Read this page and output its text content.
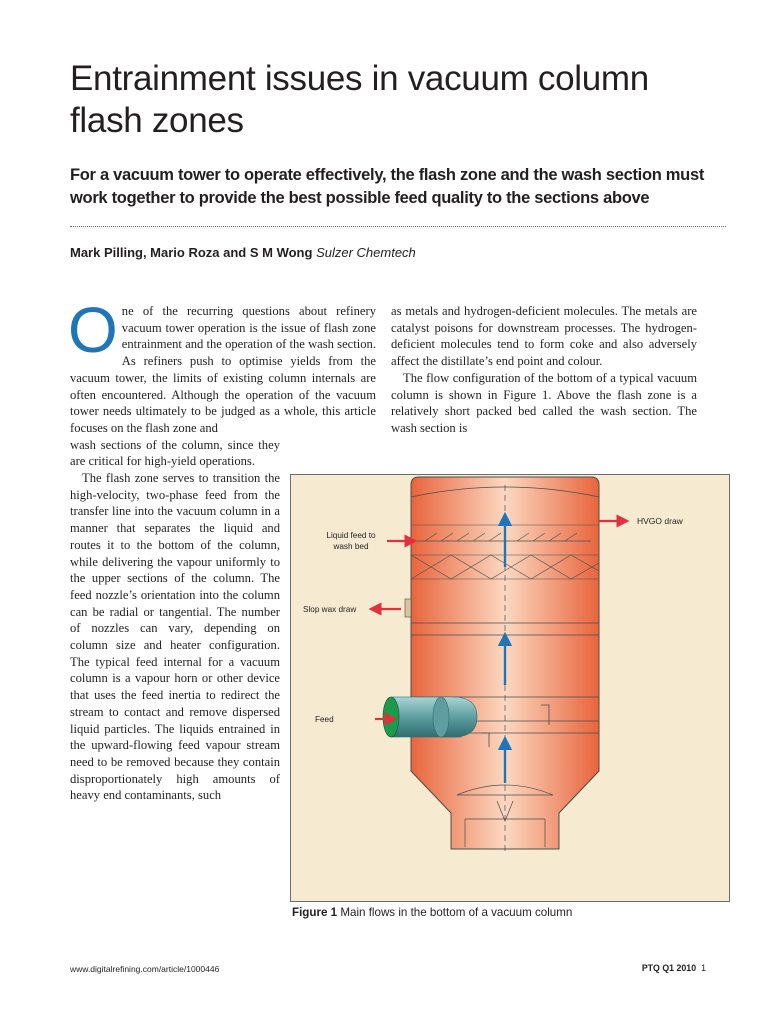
Entrainment issues in vacuum column flash zones
For a vacuum tower to operate effectively, the flash zone and the wash section must work together to provide the best possible feed quality to the sections above
Mark Pilling, Mario Roza and S M Wong Sulzer Chemtech

One of the recurring questions about refinery vacuum tower operation is the issue of flash zone entrainment and the operation of the wash section. As refiners push to optimise yields from the vacuum tower, the limits of existing column internals are often encountered. Although the operation of the vacuum tower needs ultimately to be judged as a whole, this article focuses on the flash zone and

wash sections of the column, since they are critical for high-yield operations.

The flash zone serves to transition the high-velocity, two-phase feed from the transfer line into the vacuum column in a manner that separates the liquid and routes it to the bottom of the column, while delivering the vapour uniformly to the upper sections of the column. The feed nozzle’s orientation into the column can be radial or tangential. The number of nozzles can vary, depending on column size and heater configuration. The typical feed internal for a vacuum column is a vapour horn or other device that uses the feed inertia to redirect the stream to contact and remove dispersed liquid particles. The liquids entrained in the upward-flowing feed vapour stream need to be removed because they contain disproportionately high amounts of heavy end contaminants, such

as metals and hydrogen-deficient molecules. The metals are catalyst poisons for downstream processes. The hydrogen-deficient molecules tend to form coke and also adversely affect the distillate’s end point and colour.

The flow configuration of the bottom of a typical vacuum column is shown in Figure 1. Above the flash zone is a relatively short packed bed called the wash section. The wash section is

HVGO draw
Liquid feed to
wash bed
Slop wax draw
Feed
Figure 1 Main flows in the bottom of a vacuum column
www.digitalrefining.com/article/1000446	PTQ Q1 2010 1
